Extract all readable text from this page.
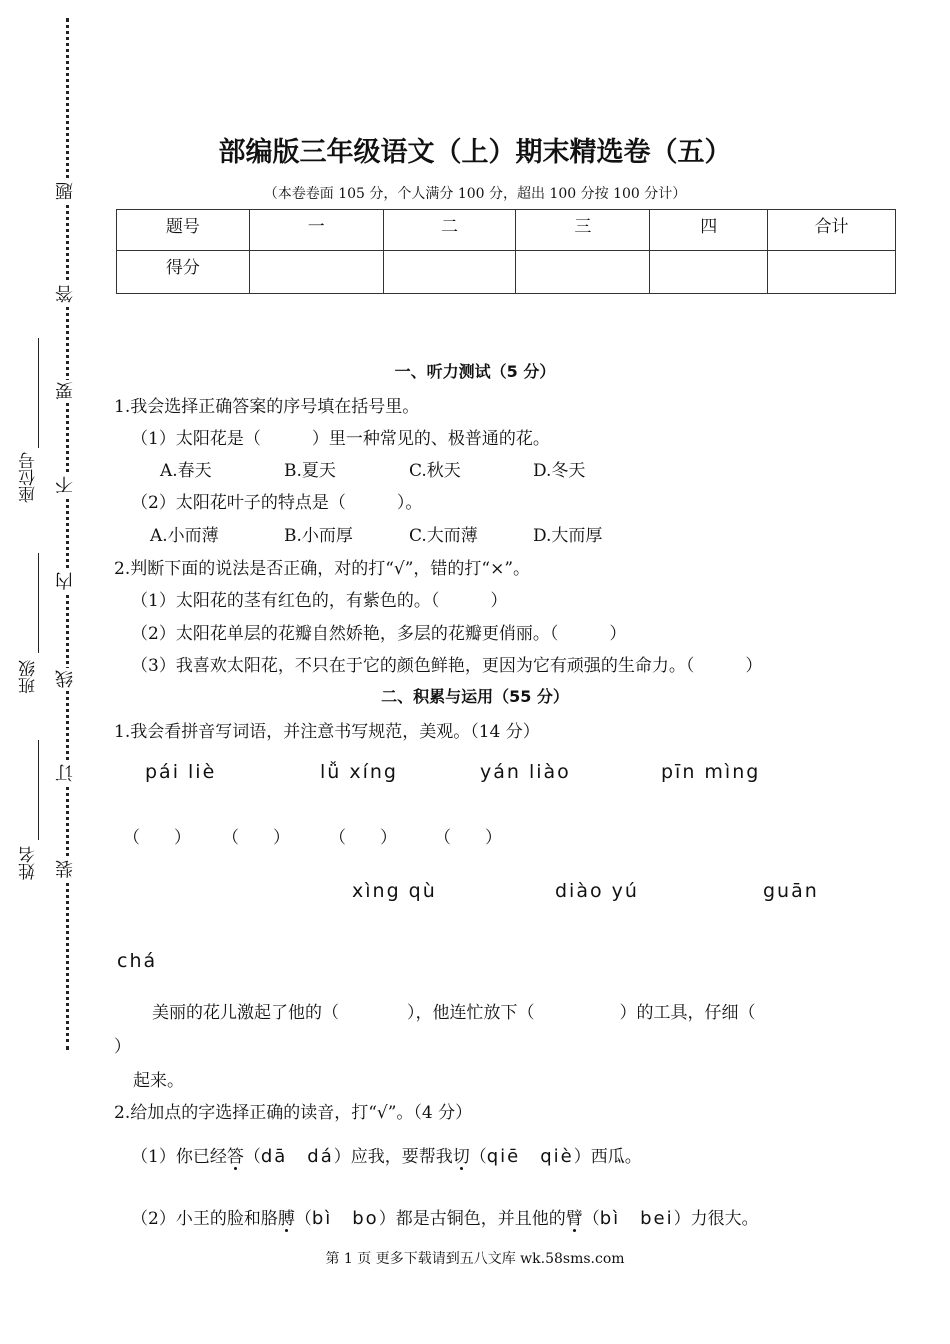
题
答
要
不
内
线
订
装
座位号
班级
姓名
部编版三年级语文（上）期末精选卷（五）
（本卷卷面 105 分，个人满分 100 分，超出 100 分按 100 分计）
题号	一	二	三	四	合计
得分					
一、听力测试（5 分）
1.我会选择正确答案的序号填在括号里。
（1）太阳花是（　　　）里一种常见的、极普通的花。
A.春天	B.夏天	C.秋天	D.冬天
（2）太阳花叶子的特点是（　　　）。
A.小而薄	B.小而厚	C.大而薄	D.大而厚
2.判断下面的说法是否正确，对的打“√”，错的打“×”。
（1）太阳花的茎有红色的，有紫色的。（　　　）
（2）太阳花单层的花瓣自然娇艳，多层的花瓣更俏丽。（　　　）
（3）我喜欢太阳花，不只在于它的颜色鲜艳，更因为它有顽强的生命力。（　　　）
二、积累与运用（55 分）
1.我会看拼音写词语，并注意书写规范，美观。（14 分）
pái liè	lǚ xíng	yán liào	pīn mìng
（　　） （　　） （　　） （　　）
xìng qù	diào yú	guān
chá
美丽的花儿激起了他的（　　　　），他连忙放下（　　　　　）的工具，仔细（
）
起来。
2.给加点的字选择正确的读音，打“√”。（4 分）
（1）你已经答（dā　dá）应我，要帮我切（qiē　qiè）西瓜。
（2）小王的脸和胳膊（bì　bo）都是古铜色，并且他的臂（bì　bei）力很大。
第 1 页 更多下载请到五八文库 wk.58sms.com
